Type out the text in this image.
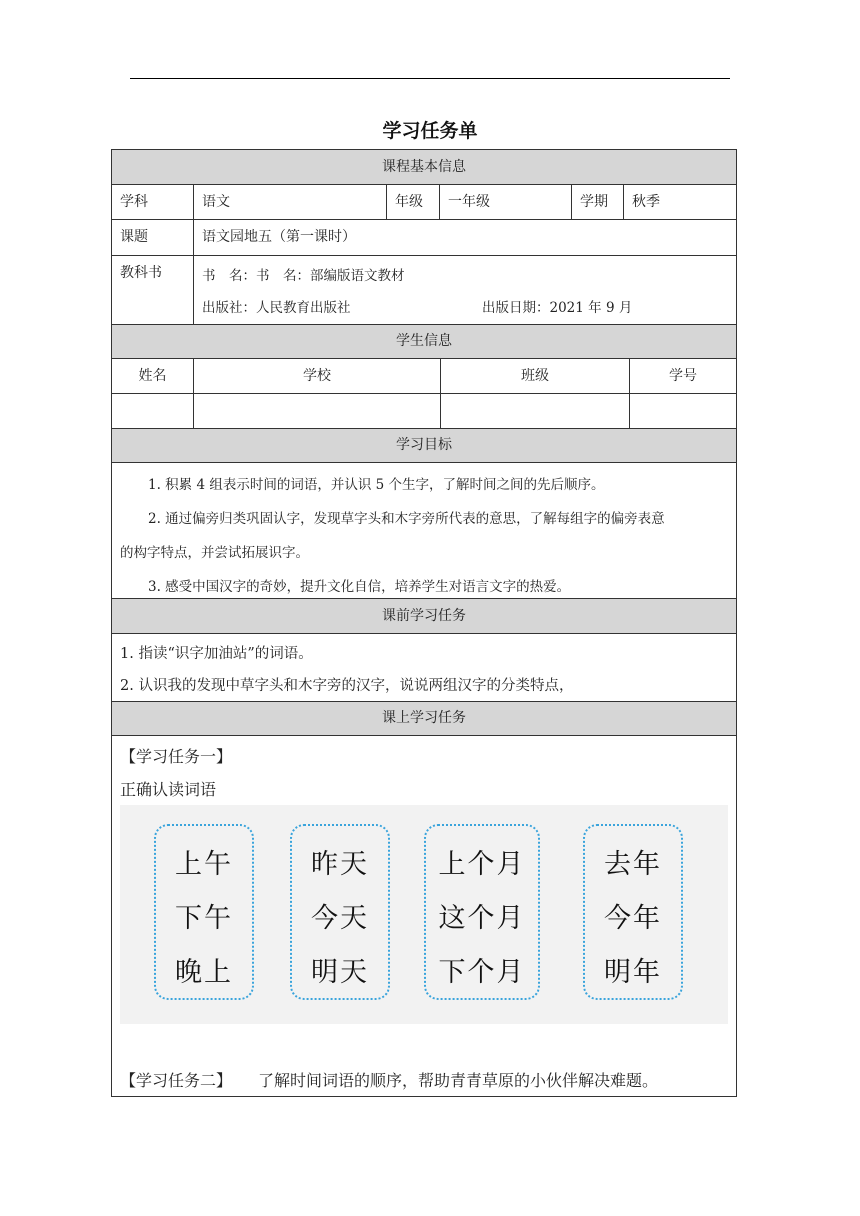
学习任务单
课程基本信息
学科	语文	年级	一年级	学期	秋季
课题	语文园地五（第一课时）
教科书	书　名：书　名：部编版语文教材
出版社：人民教育出版社	出版日期：2021 年 9 月
学生信息
姓名	学校	班级	学号
学习目标
1. 积累 4 组表示时间的词语，并认识 5 个生字，了解时间之间的先后顺序。
2. 通过偏旁归类巩固认字，发现草字头和木字旁所代表的意思，了解每组字的偏旁表意
的构字特点，并尝试拓展识字。
3. 感受中国汉字的奇妙，提升文化自信，培养学生对语言文字的热爱。
课前学习任务
1. 指读“识字加油站”的词语。
2. 认识我的发现中草字头和木字旁的汉字，说说两组汉字的分类特点，
课上学习任务
【学习任务一】
正确认读词语
上午
下午
晚上
昨天
今天
明天
上个月
这个月
下个月
去年
今年
明年
【学习任务二】 了解时间词语的顺序，帮助青青草原的小伙伴解决难题。
